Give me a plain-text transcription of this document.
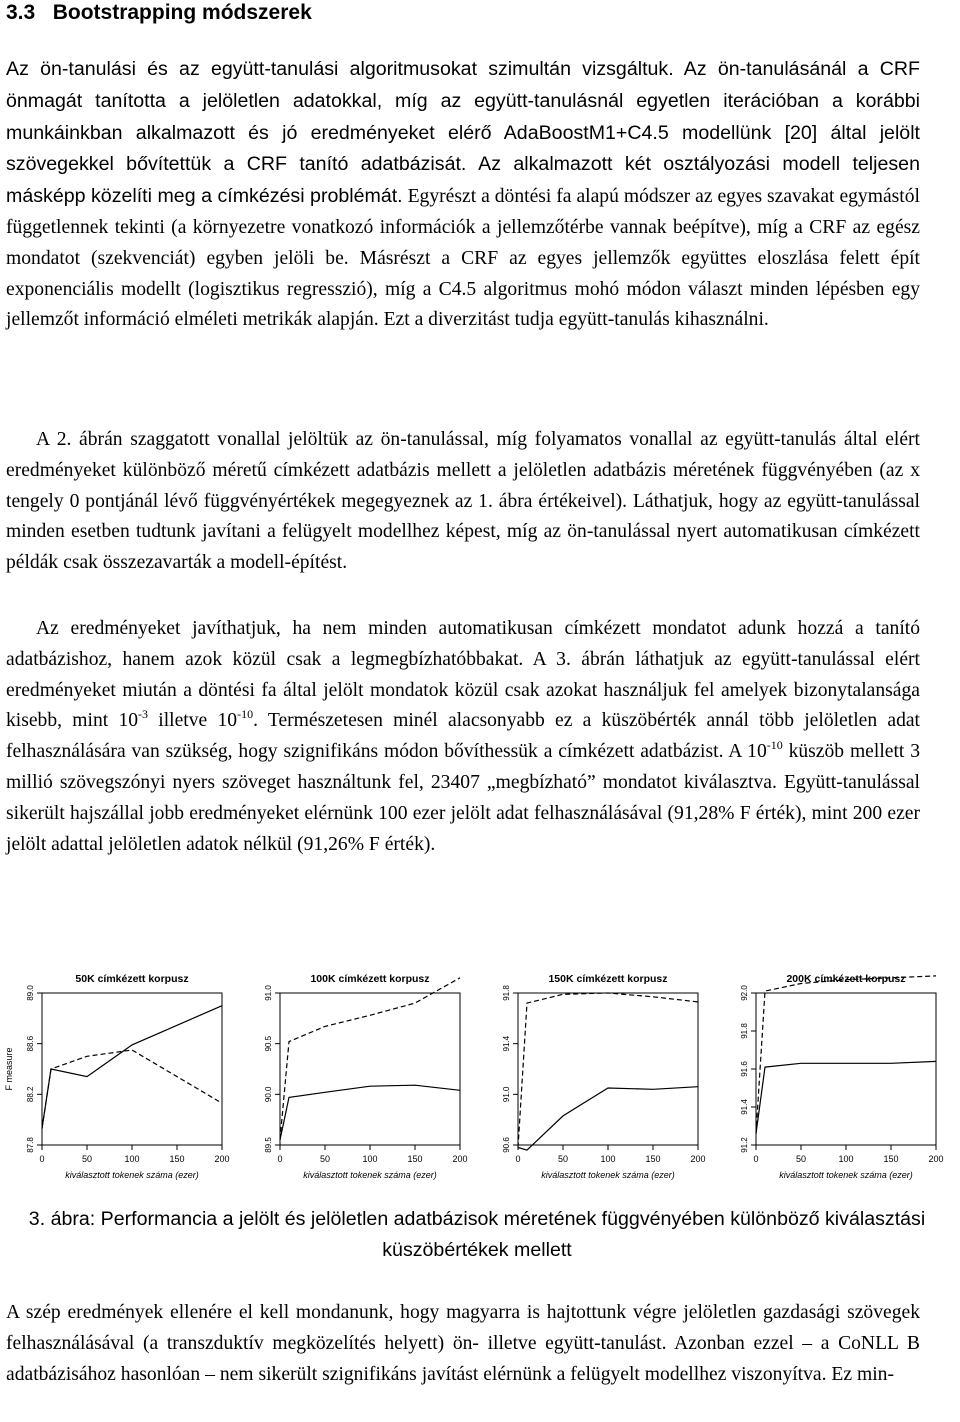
3.3 Bootstrapping módszerek
Az ön-tanulási és az együtt-tanulási algoritmusokat szimultán vizsgáltuk. Az ön-tanulásánál a CRF önmagát tanította a jelöletlen adatokkal, míg az együtt-tanulásnál egyetlen iterációban a korábbi munkáinkban alkalmazott és jó eredményeket elérő AdaBoostM1+C4.5 modellünk [20] által jelölt szövegekkel bővítettük a CRF tanító adatbázisát. Az alkalmazott két osztályozási modell teljesen másképp közelíti meg a címkézési problémát. Egyrészt a döntési fa alapú módszer az egyes szavakat egymástól függetlennek tekinti (a környezetre vonatkozó információk a jellemzőtérbe vannak beépítve), míg a CRF az egész mondatot (szekvenciát) egyben jelöli be. Másrészt a CRF az egyes jellemzők együttes eloszlása felett épít exponenciális modellt (logisztikus regresszió), míg a C4.5 algoritmus mohó módon választ minden lépésben egy jellemzőt információ elméleti metrikák alapján. Ezt a diverzitást tudja együtt-tanulás kihasználni.
A 2. ábrán szaggatott vonallal jelöltük az ön-tanulással, míg folyamatos vonallal az együtt-tanulás által elért eredményeket különböző méretű címkézett adatbázis mellett a jelöletlen adatbázis méretének függvényében (az x tengely 0 pontjánál lévő függvényértékek megegyeznek az 1. ábra értékeivel). Láthatjuk, hogy az együtt-tanulással minden esetben tudtunk javítani a felügyelt modellhez képest, míg az ön-tanulással nyert automatikusan címkézett példák csak összezavarták a modell-építést.
Az eredményeket javíthatjuk, ha nem minden automatikusan címkézett mondatot adunk hozzá a tanító adatbázishoz, hanem azok közül csak a legmegbízhatóbbakat. A 3. ábrán láthatjuk az együtt-tanulással elért eredményeket miután a döntési fa által jelölt mondatok közül csak azokat használjuk fel amelyek bizonytalansága kisebb, mint $10^{-3}$ illetve $10^{-10}$. Természetesen minél alacsonyabb ez a küszöbérték annál több jelöletlen adat felhasználására van szükség, hogy szignifikáns módon bővíthessük a címkézett adatbázist. A $10^{-10}$ küszöb mellett 3 millió szövegszónyi nyers szöveget használtunk fel, 23407 „megbízható” mondatot kiválasztva. Együtt-tanulással sikerült hajszállal jobb eredményeket elérnünk 100 ezer jelölt adat felhasználásával (91,28% F érték), mint 200 ezer jelölt adattal jelöletlen adatok nélkül (91,26% F érték).
A szép eredmények ellenére el kell mondanunk, hogy magyarra is hajtottunk végre jelöletlen gazdasági szövegek felhasználásával (a transzduktív megközelítés helyett) ön- illetve együtt-tanulást. Azonban ezzel – a CoNLL B adatbázisához hasonlóan – nem sikerült szignifikáns javítást elérnünk a felügyelt modellhez viszonyítva. Ez min-
50K címkézett korpusz
0	50	100	150	200
87.8
88.2
88.6
89.0
kiválasztott tokenek száma (ezer)
F measure
100K címkézett korpusz
0	50	100	150	200
89.5
90.0
90.5
91.0
kiválasztott tokenek száma (ezer)
150K címkézett korpusz
0	50	100	150	200
90.6
91.0
91.4
91.8
kiválasztott tokenek száma (ezer)
200K címkézett korpusz
0	50	100	150	200
91.2
91.4
91.6
91.8
92.0
kiválasztott tokenek száma (ezer)
3. ábra: Performancia a jelölt és jelöletlen adatbázisok méretének függvényében különböző kiválasztási küszöbértékek mellett
